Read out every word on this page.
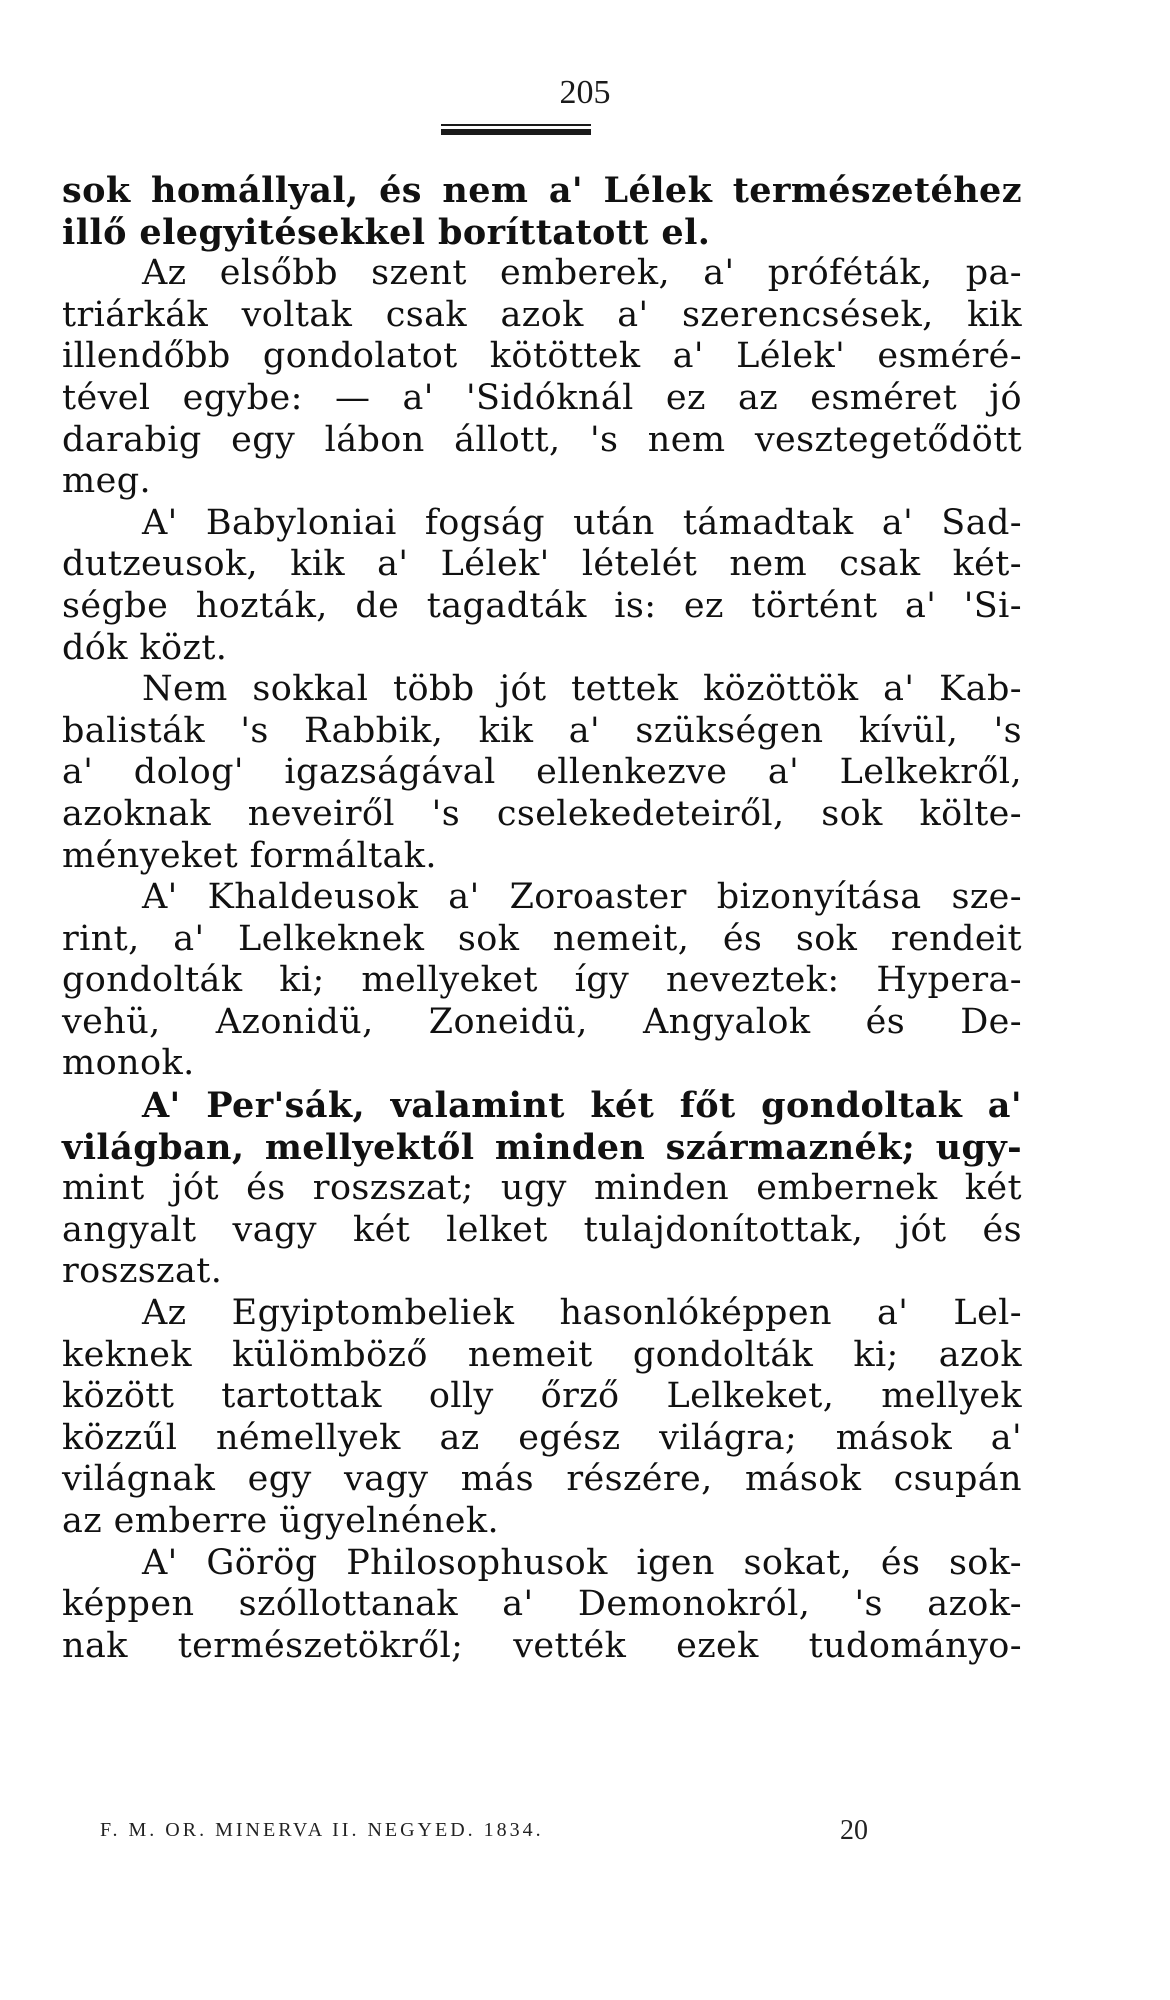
205
sok homállyal, és nem a' Lélek természetéhez
illő elegyitésekkel boríttatott el.
Az elsőbb szent emberek, a' próféták, pa-
triárkák voltak csak azok a' szerencsések, kik
illendőbb gondolatot kötöttek a' Lélek' esméré-
tével egybe: — a' 'Sidóknál ez az esméret jó
darabig egy lábon állott, 's nem vesztegetődött
meg.
A' Babyloniai fogság után támadtak a' Sad-
dutzeusok, kik a' Lélek' lételét nem csak két-
ségbe hozták, de tagadták is: ez történt a' 'Si-
dók közt.
Nem sokkal több jót tettek közöttök a' Kab-
balisták 's Rabbik, kik a' szükségen kívül, 's
a' dolog' igazságával ellenkezve a' Lelkekről,
azoknak neveiről 's cselekedeteiről, sok költe-
ményeket formáltak.
A' Khaldeusok a' Zoroaster bizonyítása sze-
rint, a' Lelkeknek sok nemeit, és sok rendeit
gondolták ki; mellyeket így neveztek: Hypera-
vehü, Azonidü, Zoneidü, Angyalok és De-
monok.
A' Per'sák, valamint két főt gondoltak a'
világban, mellyektől minden származnék; ugy-
mint jót és roszszat; ugy minden embernek két
angyalt vagy két lelket tulajdonítottak, jót és
roszszat.
Az Egyiptombeliek hasonlóképpen a' Lel-
keknek külömböző nemeit gondolták ki; azok
között tartottak olly őrző Lelkeket, mellyek
közzűl némellyek az egész világra; mások a'
világnak egy vagy más részére, mások csupán
az emberre ügyelnének.
A' Görög Philosophusok igen sokat, és sok-
képpen szóllottanak a' Demonokról, 's azok-
nak természetökről; vették ezek tudományo-
F. M. OR. MINERVA II. NEGYED. 1834.	20
